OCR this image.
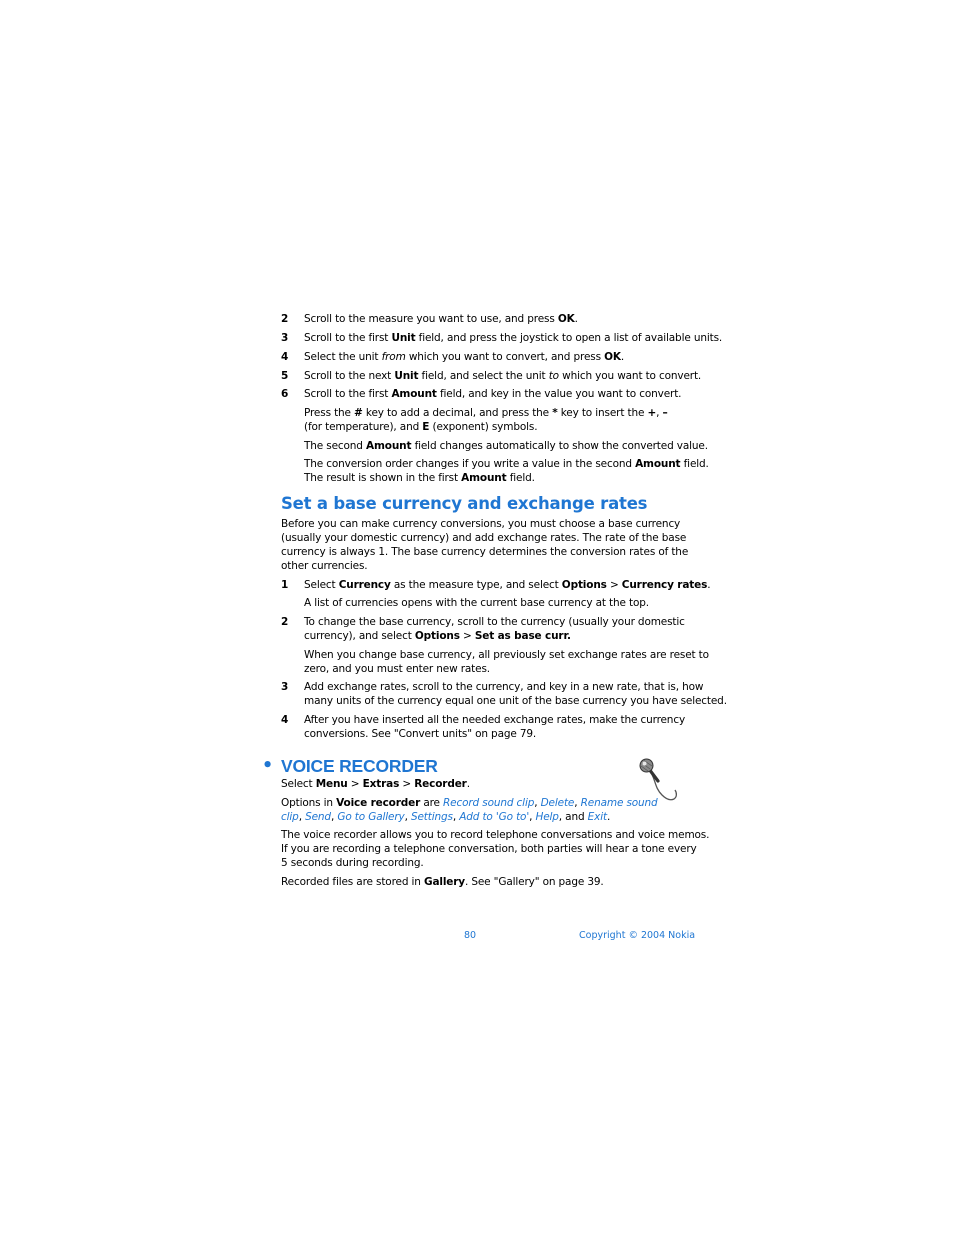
2 Scroll to the measure you want to use, and press OK.
3 Scroll to the first Unit field, and press the joystick to open a list of available units.
4 Select the unit from which you want to convert, and press OK.
5 Scroll to the next Unit field, and select the unit to which you want to convert.
6 Scroll to the first Amount field, and key in the value you want to convert.
Press the # key to add a decimal, and press the * key to insert the +, –
(for temperature), and E (exponent) symbols.
The second Amount field changes automatically to show the converted value.
The conversion order changes if you write a value in the second Amount field.
The result is shown in the first Amount field.
Set a base currency and exchange rates
Before you can make currency conversions, you must choose a base currency
(usually your domestic currency) and add exchange rates. The rate of the base
currency is always 1. The base currency determines the conversion rates of the
other currencies.
1 Select Currency as the measure type, and select Options > Currency rates.
A list of currencies opens with the current base currency at the top.
2 To change the base currency, scroll to the currency (usually your domestic
currency), and select Options > Set as base curr.
When you change base currency, all previously set exchange rates are reset to
zero, and you must enter new rates.
3 Add exchange rates, scroll to the currency, and key in a new rate, that is, how
many units of the currency equal one unit of the base currency you have selected.
4 After you have inserted all the needed exchange rates, make the currency
conversions. See "Convert units" on page 79.
• VOICE RECORDER
Select Menu > Extras > Recorder.
Options in Voice recorder are Record sound clip, Delete, Rename sound
clip, Send, Go to Gallery, Settings, Add to 'Go to', Help, and Exit.
The voice recorder allows you to record telephone conversations and voice memos.
If you are recording a telephone conversation, both parties will hear a tone every
5 seconds during recording.
Recorded files are stored in Gallery. See "Gallery" on page 39.
80	Copyright © 2004 Nokia
